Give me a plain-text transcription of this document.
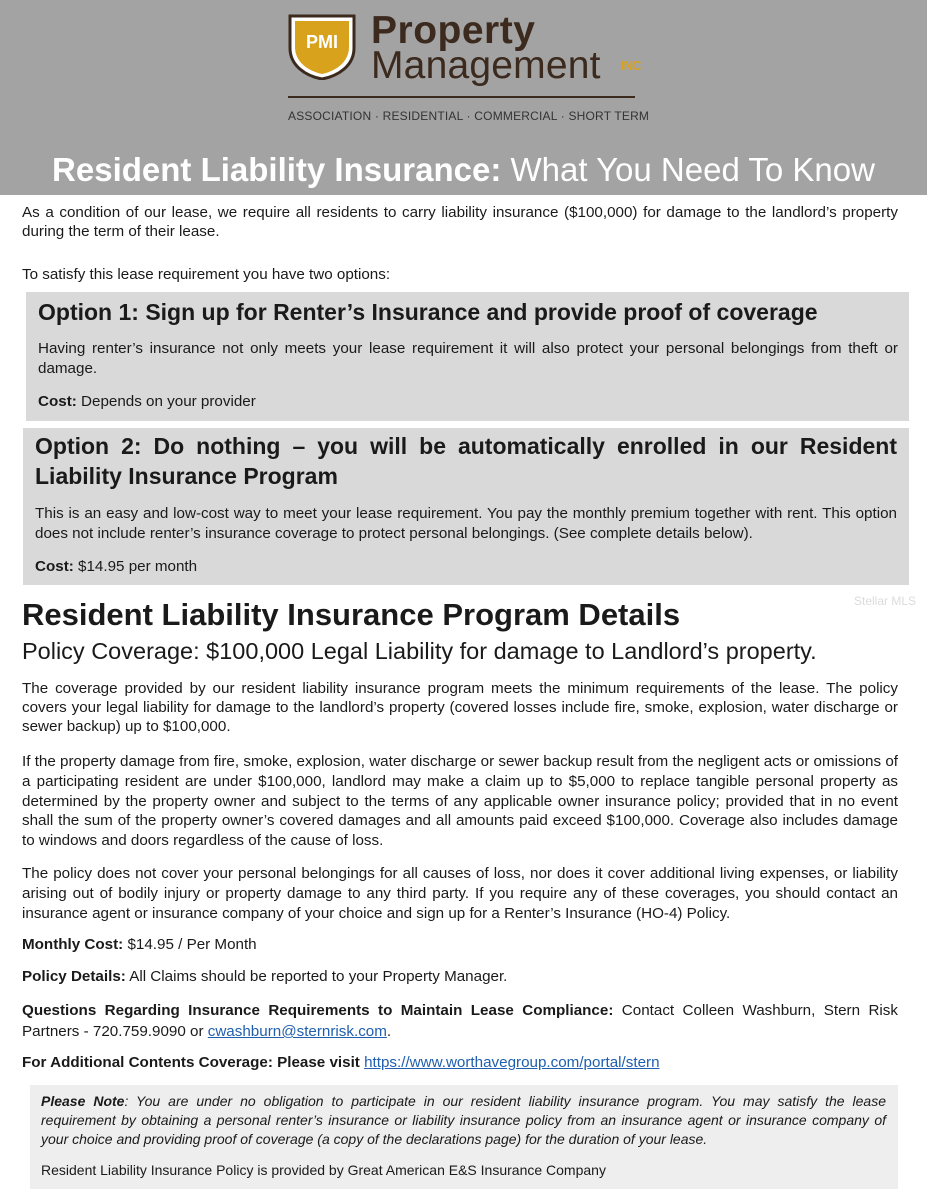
PMI Property
Management INC
ASSOCIATION · RESIDENTIAL · COMMERCIAL · SHORT TERM
Resident Liability Insurance: What You Need To Know
As a condition of our lease, we require all residents to carry liability insurance ($100,000) for damage to the landlord’s property during the term of their lease.
To satisfy this lease requirement you have two options:
Option 1: Sign up for Renter’s Insurance and provide proof of coverage
Having renter’s insurance not only meets your lease requirement it will also protect your personal belongings from theft or damage.
Cost: Depends on your provider
Option 2: Do nothing – you will be automatically enrolled in our Resident Liability Insurance Program
This is an easy and low-cost way to meet your lease requirement. You pay the monthly premium together with rent. This option does not include renter’s insurance coverage to protect personal belongings. (See complete details below).
Cost: $14.95 per month
Stellar MLS
Resident Liability Insurance Program Details
Policy Coverage: $100,000 Legal Liability for damage to Landlord’s property.
The coverage provided by our resident liability insurance program meets the minimum requirements of the lease. The policy covers your legal liability for damage to the landlord’s property (covered losses include fire, smoke, explosion, water discharge or sewer backup) up to $100,000.
If the property damage from fire, smoke, explosion, water discharge or sewer backup result from the negligent acts or omissions of a participating resident are under $100,000, landlord may make a claim up to $5,000 to replace tangible personal property as determined by the property owner and subject to the terms of any applicable owner insurance policy; provided that in no event shall the sum of the property owner’s covered damages and all amounts paid exceed $100,000. Coverage also includes damage to windows and doors regardless of the cause of loss.
The policy does not cover your personal belongings for all causes of loss, nor does it cover additional living expenses, or liability arising out of bodily injury or property damage to any third party. If you require any of these coverages, you should contact an insurance agent or insurance company of your choice and sign up for a Renter’s Insurance (HO-4) Policy.
Monthly Cost: $14.95 / Per Month
Policy Details: All Claims should be reported to your Property Manager.
Questions Regarding Insurance Requirements to Maintain Lease Compliance: Contact Colleen Washburn, Stern Risk Partners - 720.759.9090 or cwashburn@sternrisk.com.
For Additional Contents Coverage: Please visit https://www.worthavegroup.com/portal/stern
Please Note: You are under no obligation to participate in our resident liability insurance program. You may satisfy the lease requirement by obtaining a personal renter’s insurance or liability insurance policy from an insurance agent or insurance company of your choice and providing proof of coverage (a copy of the declarations page) for the duration of your lease.
Resident Liability Insurance Policy is provided by Great American E&S Insurance Company
